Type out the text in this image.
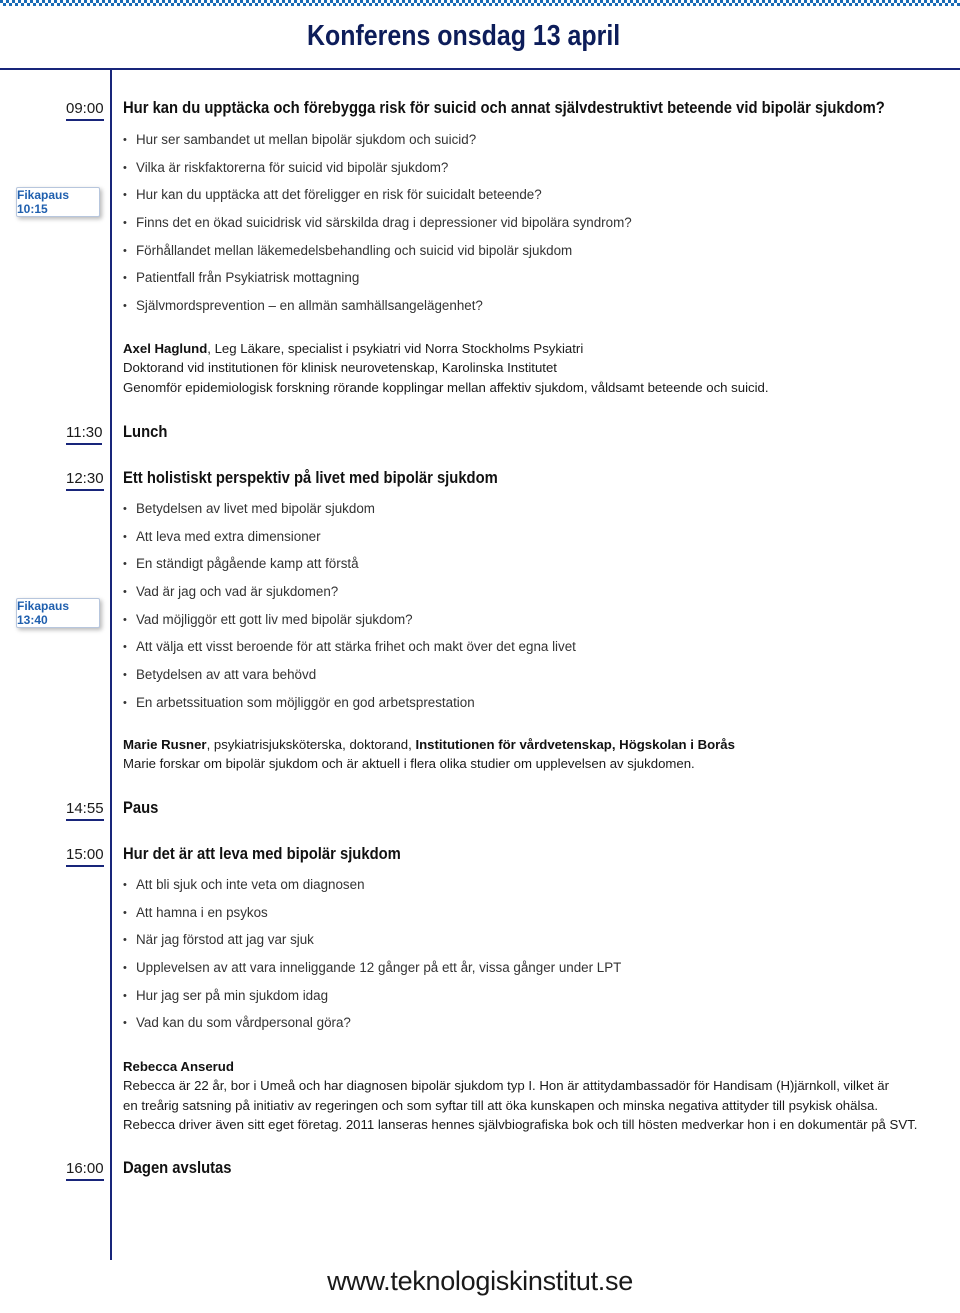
Konferens onsdag 13 april
09:00 Hur kan du upptäcka och förebygga risk för suicid och annat självdestruktivt beteende vid bipolär sjukdom?
Fikapaus 10:15
• Hur ser sambandet ut mellan bipolär sjukdom och suicid?
• Vilka är riskfaktorerna för suicid vid bipolär sjukdom?
• Hur kan du upptäcka att det föreligger en risk för suicidalt beteende?
• Finns det en ökad suicidrisk vid särskilda drag i depressioner vid bipolära syndrom?
• Förhållandet mellan läkemedelsbehandling och suicid vid bipolär sjukdom
• Patientfall från Psykiatrisk mottagning
• Självmordsprevention – en allmän samhällsangelägenhet?
Axel Haglund, Leg Läkare, specialist i psykiatri vid Norra Stockholms Psykiatri
Doktorand vid institutionen för klinisk neurovetenskap, Karolinska Institutet
Genomför epidemiologisk forskning rörande kopplingar mellan affektiv sjukdom, våldsamt beteende och suicid.
11:30 Lunch
12:30 Ett holistiskt perspektiv på livet med bipolär sjukdom
Fikapaus 13:40
• Betydelsen av livet med bipolär sjukdom
• Att leva med extra dimensioner
• En ständigt pågående kamp att förstå
• Vad är jag och vad är sjukdomen?
• Vad möjliggör ett gott liv med bipolär sjukdom?
• Att välja ett visst beroende för att stärka frihet och makt över det egna livet
• Betydelsen av att vara behövd
• En arbetssituation som möjliggör en god arbetsprestation
Marie Rusner, psykiatrisjuksköterska, doktorand, Institutionen för vårdvetenskap, Högskolan i Borås
Marie forskar om bipolär sjukdom och är aktuell i flera olika studier om upplevelsen av sjukdomen.
14:55 Paus
15:00 Hur det är att leva med bipolär sjukdom
• Att bli sjuk och inte veta om diagnosen
• Att hamna i en psykos
• När jag förstod att jag var sjuk
• Upplevelsen av att vara inneliggande 12 gånger på ett år, vissa gånger under LPT
• Hur jag ser på min sjukdom idag
• Vad kan du som vårdpersonal göra?
Rebecca Anserud
Rebecca är 22 år, bor i Umeå och har diagnosen bipolär sjukdom typ I. Hon är attitydambassadör för Handisam (H)järnkoll, vilket är
en treårig satsning på initiativ av regeringen och som syftar till att öka kunskapen och minska negativa attityder till psykisk ohälsa.
Rebecca driver även sitt eget företag. 2011 lanseras hennes självbiografiska bok och till hösten medverkar hon i en dokumentär på SVT.
16:00 Dagen avslutas
www.teknologiskinstitut.se
